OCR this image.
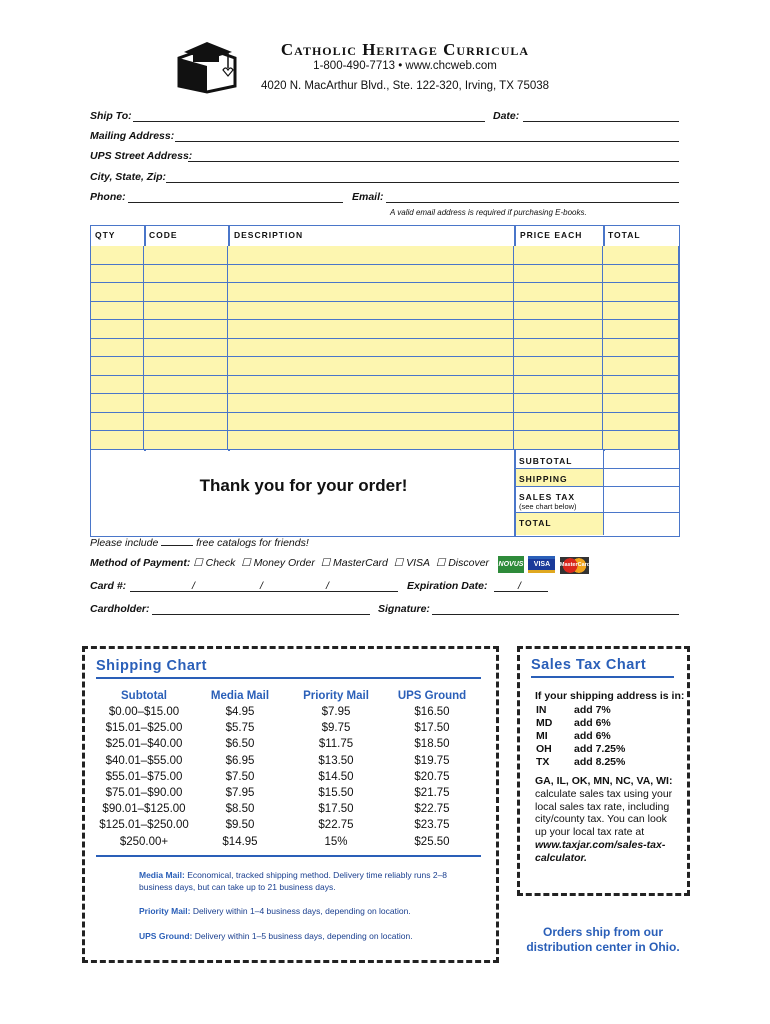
Catholic Heritage Curricula
1-800-490-7713 • www.chcweb.com
4020 N. MacArthur Blvd., Ste. 122-320, Irving, TX 75038
Ship To:	Date:
Mailing Address:
UPS Street Address:
City, State, Zip:
Phone:	Email:
A valid email address is required if purchasing E-books.
QTY	CODE	DESCRIPTION	PRICE EACH	TOTAL
Thank you for your order!
SUBTOTAL
SHIPPING
SALES TAX
(see chart below)
TOTAL
Please include	free catalogs for friends!
Method of Payment: ☐ Check ☐ Money Order ☐ MasterCard ☐ VISA ☐ Discover NOVUS VISA MasterCard
Card #:	/	/	/	Expiration Date:	/
Cardholder:	Signature:
Shipping Chart
Subtotal	Media Mail	Priority Mail	UPS Ground
$0.00–$15.00	$4.95	$7.95	$16.50
$15.01–$25.00	$5.75	$9.75	$17.50
$25.01–$40.00	$6.50	$11.75	$18.50
$40.01–$55.00	$6.95	$13.50	$19.75
$55.01–$75.00	$7.50	$14.50	$20.75
$75.01–$90.00	$7.95	$15.50	$21.75
$90.01–$125.00	$8.50	$17.50	$22.75
$125.01–$250.00	$9.50	$22.75	$23.75
$250.00+	$14.95	15%	$25.50
Media Mail: Economical, tracked shipping method. Delivery time reliably runs 2–8 business days, but can take up to 21 business days.
Priority Mail: Delivery within 1–4 business days, depending on location.
UPS Ground: Delivery within 1–5 business days, depending on location.
Sales Tax Chart
If your shipping address is in:
IN	add 7%
MD add 6%
MI	add 6%
OH add 7.25%
TX add 8.25%
GA, IL, OK, MN, NC, VA, WI: calculate sales tax using your local sales tax rate, including city/county tax. You can look up your local tax rate at www.taxjar.com/sales-tax-calculator.
Orders ship from our distribution center in Ohio.
